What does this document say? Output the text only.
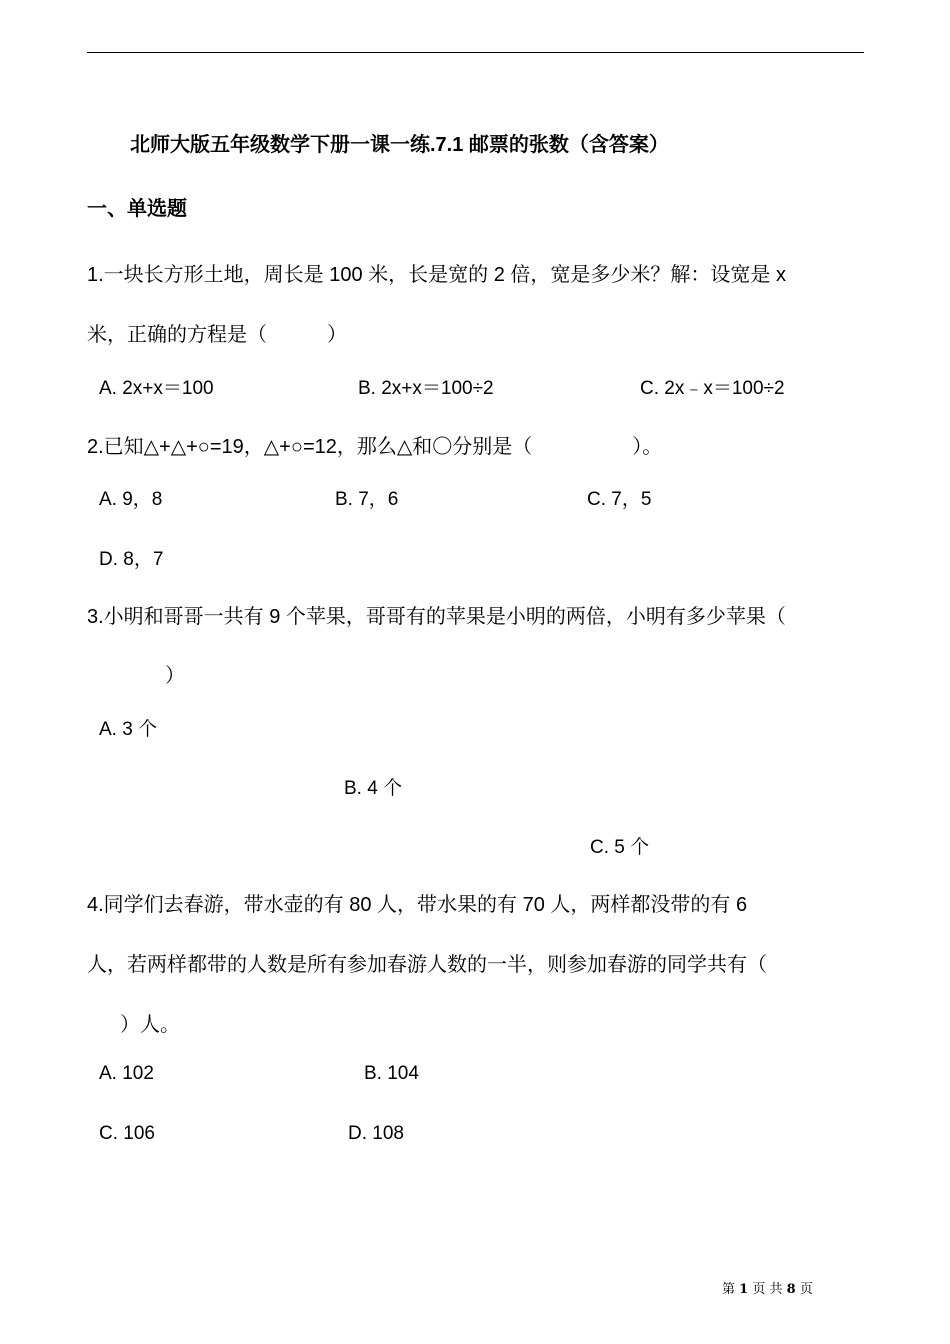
北师大版五年级数学下册一课一练.7.1 邮票的张数（含答案）
一、单选题
1.一块长方形土地，周长是 100 米，长是宽的 2 倍，宽是多少米？解：设宽是 x
米，正确的方程是（　　　）
A. 2x+x＝100	B. 2x+x＝100÷2	C. 2x﹣x＝100÷2
2.已知△+△+○=19，△+○=12，那么△和〇分别是（　　　　　）。
A. 9，8	B. 7，6	C. 7，5
D. 8，7
3.小明和哥哥一共有 9 个苹果，哥哥有的苹果是小明的两倍，小明有多少苹果（
）
A. 3 个
B. 4 个
C. 5 个
4.同学们去春游，带水壶的有 80 人，带水果的有 70 人，两样都没带的有 6
人，若两样都带的人数是所有参加春游人数的一半，则参加春游的同学共有（
）人。
A. 102	B. 104
C. 106	D. 108
第 1 页 共 8 页
